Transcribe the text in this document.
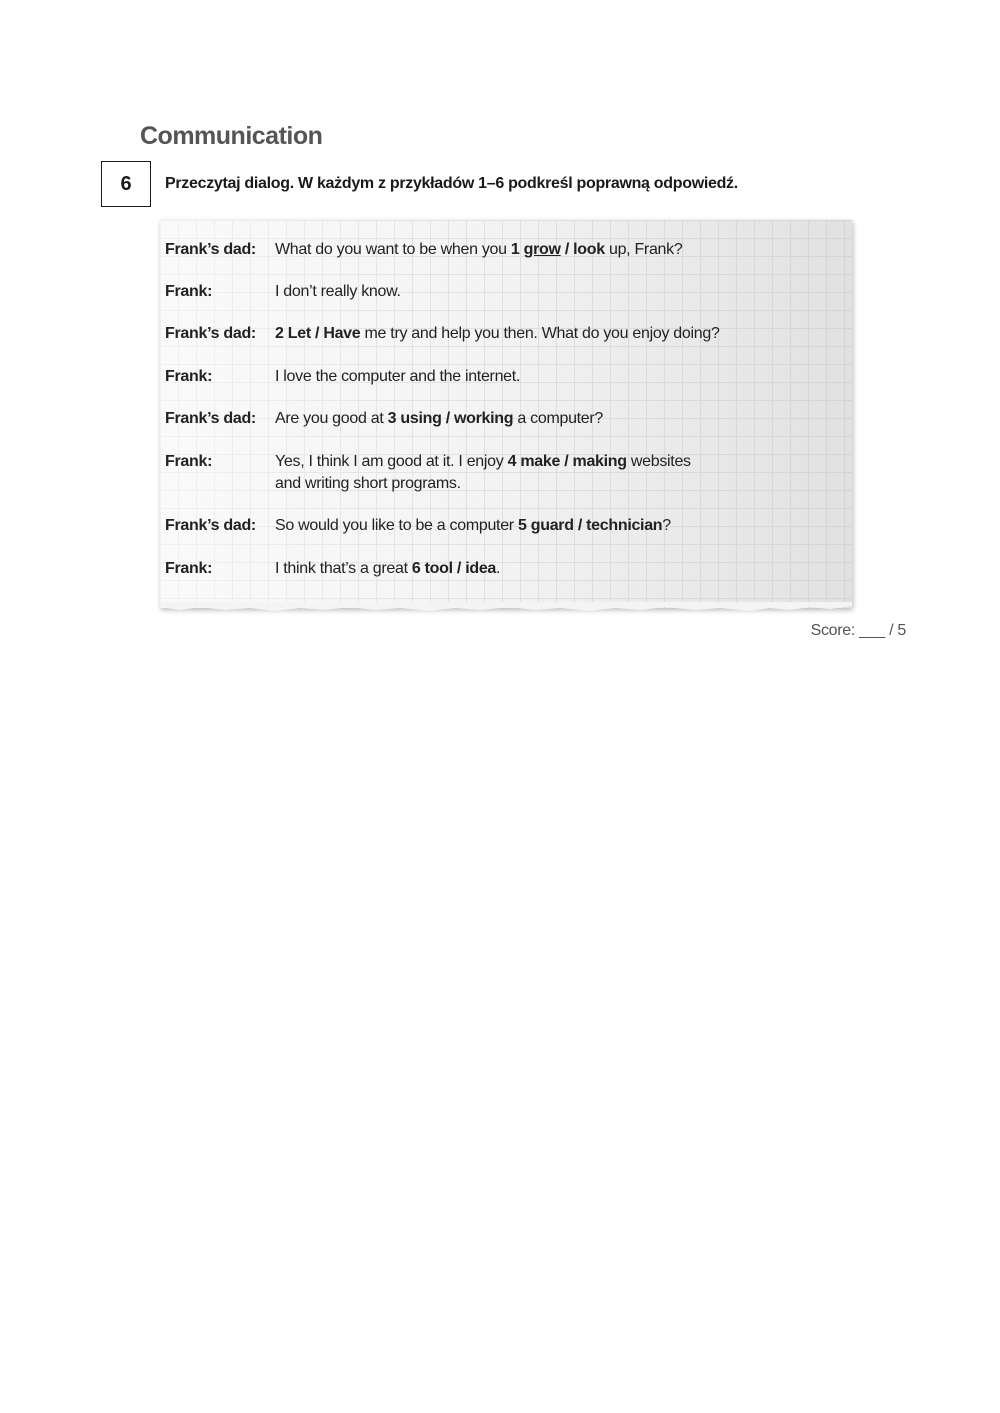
Communication
6	Przeczytaj dialog. W każdym z przykładów 1–6 podkreśl poprawną odpowiedź.
Frank’s dad: What do you want to be when you 1 grow / look up, Frank?
Frank:	I don’t really know.
Frank’s dad: 2 Let / Have me try and help you then. What do you enjoy doing?
Frank:	I love the computer and the internet.
Frank’s dad: Are you good at 3 using / working a computer?
Frank:	Yes, I think I am good at it. I enjoy 4 make / making websites and writing short programs.
Frank’s dad: So would you like to be a computer 5 guard / technician?
Frank:	I think that’s a great 6 tool / idea.
Score: ___ / 5
